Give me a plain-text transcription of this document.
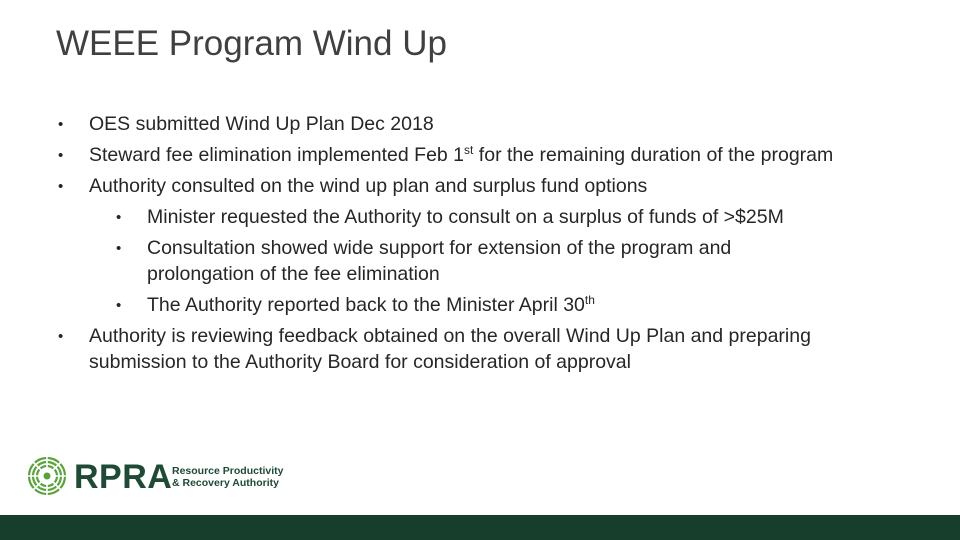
WEEE Program Wind Up
• OES submitted Wind Up Plan Dec 2018
• Steward fee elimination implemented Feb 1st for the remaining duration of the program
• Authority consulted on the wind up plan and surplus fund options
• Minister requested the Authority to consult on a surplus of funds of >$25M
• Consultation showed wide support for extension of the program and
prolongation of the fee elimination
• The Authority reported back to the Minister April 30th
• Authority is reviewing feedback obtained on the overall Wind Up Plan and preparing
submission to the Authority Board for consideration of approval
RPRA Resource Productivity
& Recovery Authority
